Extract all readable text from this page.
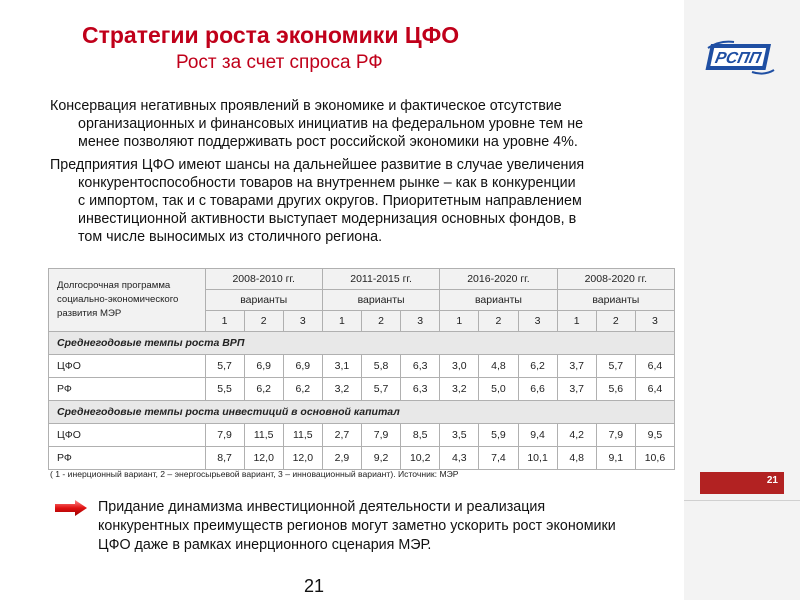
РСПП
21
Стратегии роста экономики ЦФО
Рост за счет спроса РФ
Консервация негативных проявлений в экономике и фактическое отсутствие
организационных и финансовых инициатив на федеральном уровне тем не
менее позволяют поддерживать рост российской экономики на уровне 4%.
Предприятия ЦФО имеют шансы на дальнейшее развитие в случае увеличения
конкурентоспособности товаров на внутреннем рынке – как в конкуренции
с импортом, так и с товарами других округов. Приоритетным направлением
инвестиционной активности выступает модернизация основных фондов, в
том числе выносимых из столичного региона.
Долгосрочная программа социально-экономического развития МЭР	2008-2010 гг.			2011-2015 гг.			2016-2020 гг.			2008-2020 гг.		
	варианты			варианты			варианты			варианты		
	1	2	3	1	2	3	1	2	3	1	2	3
Среднегодовые темпы роста ВРП												
ЦФО	5,7	6,9	6,9	3,1	5,8	6,3	3,0	4,8	6,2	3,7	5,7	6,4
РФ	5,5	6,2	6,2	3,2	5,7	6,3	3,2	5,0	6,6	3,7	5,6	6,4
Среднегодовые темпы роста инвестиций в основной капитал												
ЦФО	7,9	11,5	11,5	2,7	7,9	8,5	3,5	5,9	9,4	4,2	7,9	9,5
РФ	8,7	12,0	12,0	2,9	9,2	10,2	4,3	7,4	10,1	4,8	9,1	10,6
( 1 - инерционный вариант, 2 – энергосырьевой вариант, 3 – инновационный вариант). Источник: МЭР
Придание динамизма инвестиционной деятельности и реализация
конкурентных преимуществ регионов могут заметно ускорить рост экономики
ЦФО даже в рамках инерционного сценария МЭР.
21
